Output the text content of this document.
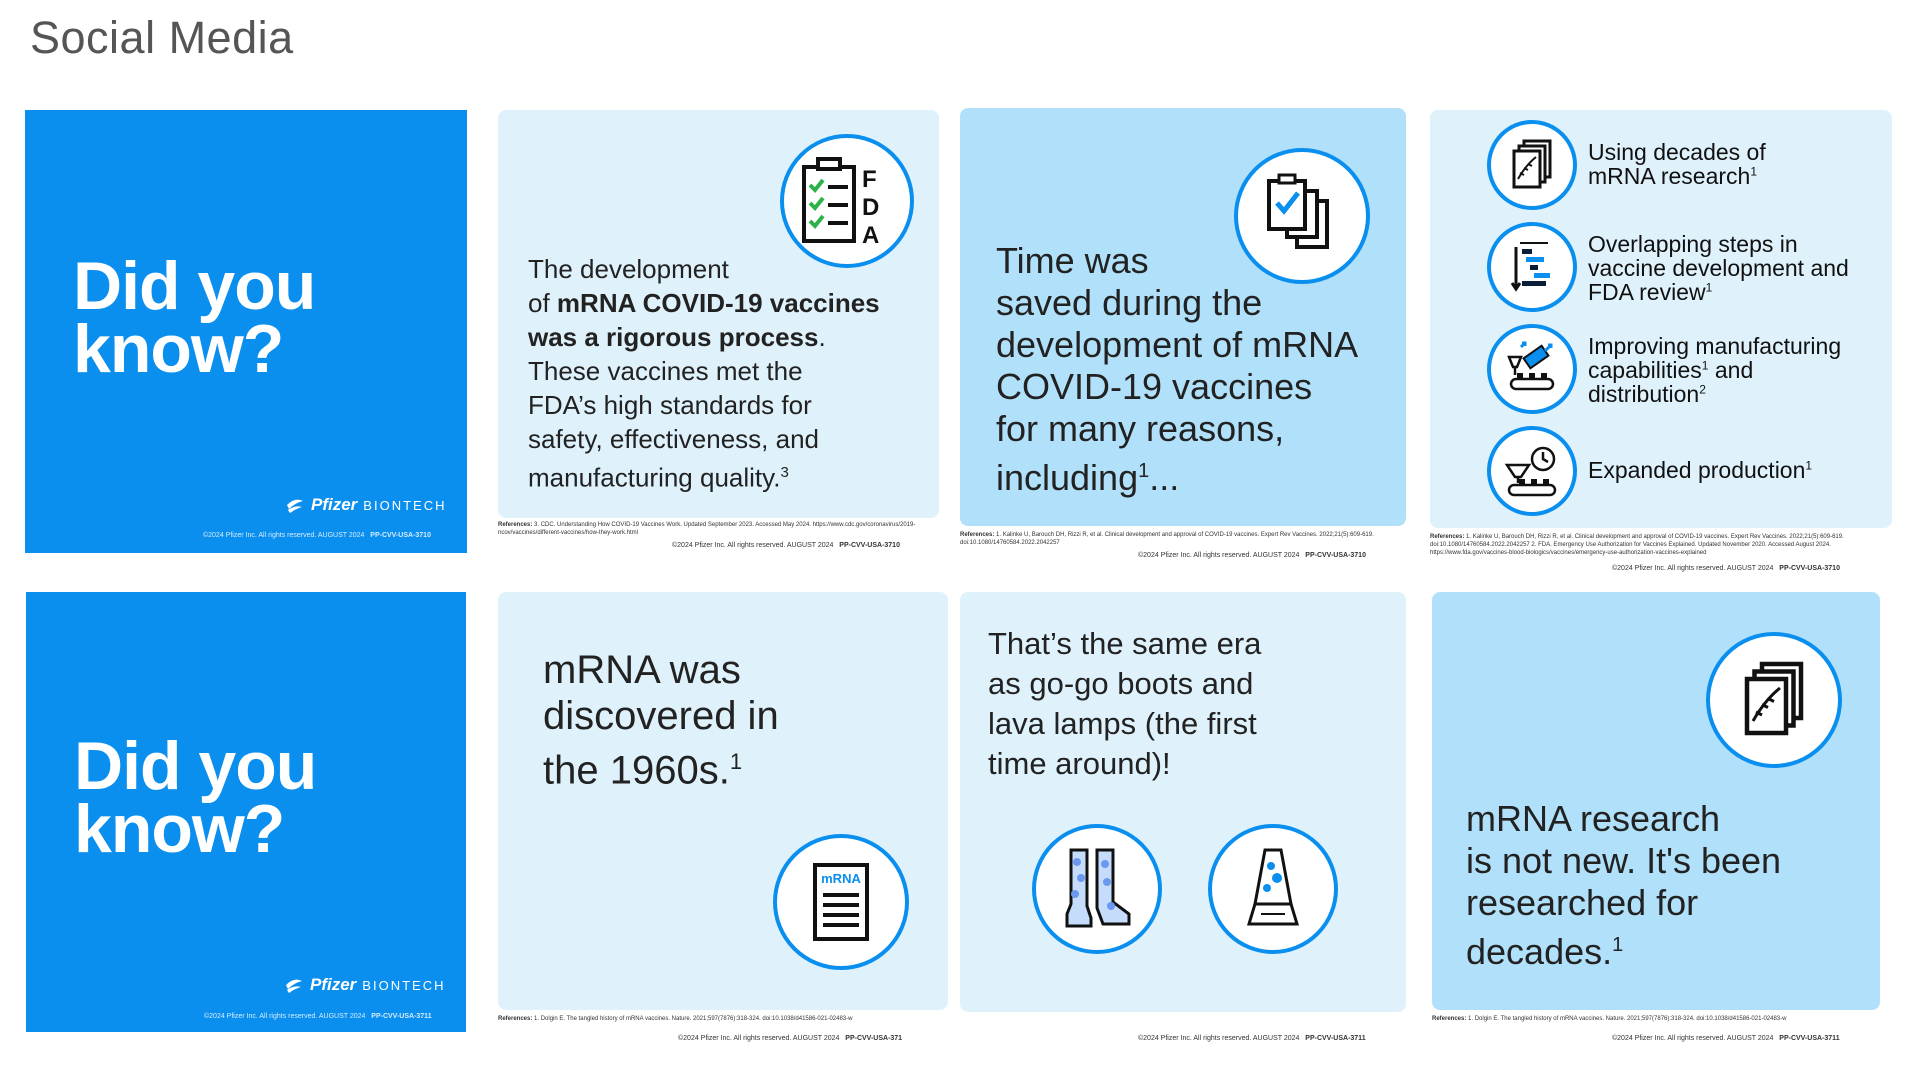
Social Media
Did you
know?
Pfizer BIONTECH
©2024 Pfizer Inc. All rights reserved. AUGUST 2024 PP-CVV-USA-3710
F
D
A
The development
of mRNA COVID-19 vaccines
was a rigorous process.
These vaccines met the
FDA’s high standards for
safety, effectiveness, and
manufacturing quality.$^3$
References: 3. CDC. Understanding How COVID-19 Vaccines Work. Updated September 2023. Accessed May 2024. https://www.cdc.gov/coronavirus/2019-ncov/vaccines/different-vaccines/how-they-work.html
©2024 Pfizer Inc. All rights reserved. AUGUST 2024 PP-CVV-USA-3710
Time was
saved during the
development of mRNA
COVID-19 vaccines
for many reasons,
including$^1$...
References: 1. Kalinke U, Barouch DH, Rizzi R, et al. Clinical development and approval of COVID-19 vaccines. Expert Rev Vaccines. 2022;21(5):609-619. doi:10.1080/14760584.2022.2042257
©2024 Pfizer Inc. All rights reserved. AUGUST 2024 PP-CVV-USA-3710
Using decades of
mRNA research$^1$
Overlapping steps in
vaccine development and
FDA review$^1$
Improving manufacturing
capabilities$^1$ and
distribution$^2$
Expanded production$^1$
References: 1. Kalinke U, Barouch DH, Rizzi R, et al. Clinical development and approval of COVID-19 vaccines. Expert Rev Vaccines. 2022;21(5):609-619. doi:10.1080/14760584.2022.2042257 2. FDA. Emergency Use Authorization for Vaccines Explained. Updated November 2020. Accessed August 2024. https://www.fda.gov/vaccines-blood-biologics/vaccines/emergency-use-authorization-vaccines-explained
©2024 Pfizer Inc. All rights reserved. AUGUST 2024 PP-CVV-USA-3710
Did you
know?
Pfizer BIONTECH
©2024 Pfizer Inc. All rights reserved. AUGUST 2024 PP-CVV-USA-3711
mRNA was
discovered in
the 1960s.$^1$
mRNA
References: 1. Dolgin E. The tangled history of mRNA vaccines. Nature. 2021;597(7876):318-324. doi:10.1038/d41586-021-02483-w
©2024 Pfizer Inc. All rights reserved. AUGUST 2024 PP-CVV-USA-371
That’s the same era
as go-go boots and
lava lamps (the first
time around)!
©2024 Pfizer Inc. All rights reserved. AUGUST 2024 PP-CVV-USA-3711
mRNA research
is not new. It's been
researched for
decades.$^1$
References: 1. Dolgin E. The tangled history of mRNA vaccines. Nature. 2021;597(7876):318-324. doi:10.1038/d41586-021-02483-w
©2024 Pfizer Inc. All rights reserved. AUGUST 2024 PP-CVV-USA-3711
